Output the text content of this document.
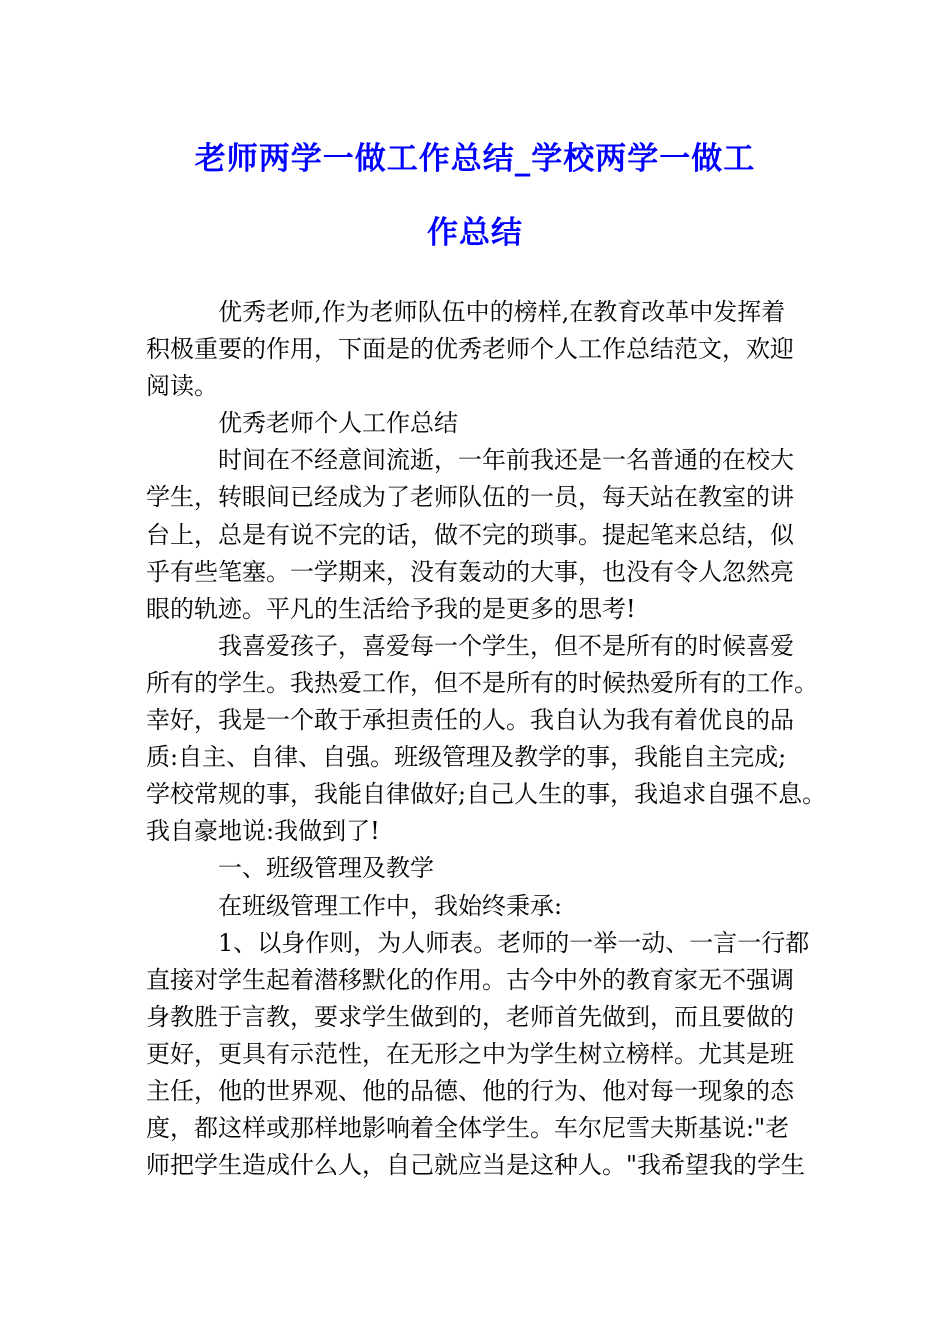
老师两学一做工作总结_学校两学一做工
作总结
优秀老师,作为老师队伍中的榜样,在教育改革中发挥着
积极重要的作用，下面是的优秀老师个人工作总结范文，欢迎
阅读。
优秀老师个人工作总结
时间在不经意间流逝，一年前我还是一名普通的在校大
学生，转眼间已经成为了老师队伍的一员，每天站在教室的讲
台上，总是有说不完的话，做不完的琐事。提起笔来总结，似
乎有些笔塞。一学期来，没有轰动的大事，也没有令人忽然亮
眼的轨迹。平凡的生活给予我的是更多的思考!
我喜爱孩子，喜爱每一个学生，但不是所有的时候喜爱
所有的学生。我热爱工作，但不是所有的时候热爱所有的工作。
幸好，我是一个敢于承担责任的人。我自认为我有着优良的品
质:自主、自律、自强。班级管理及教学的事，我能自主完成;
学校常规的事，我能自律做好;自己人生的事，我追求自强不息。
我自豪地说:我做到了!
一、班级管理及教学
在班级管理工作中，我始终秉承:
1、以身作则，为人师表。老师的一举一动、一言一行都
直接对学生起着潜移默化的作用。古今中外的教育家无不强调
身教胜于言教，要求学生做到的，老师首先做到，而且要做的
更好，更具有示范性，在无形之中为学生树立榜样。尤其是班
主任，他的世界观、他的品德、他的行为、他对每一现象的态
度，都这样或那样地影响着全体学生。车尔尼雪夫斯基说:"老
师把学生造成什么人，自己就应当是这种人。"我希望我的学生
